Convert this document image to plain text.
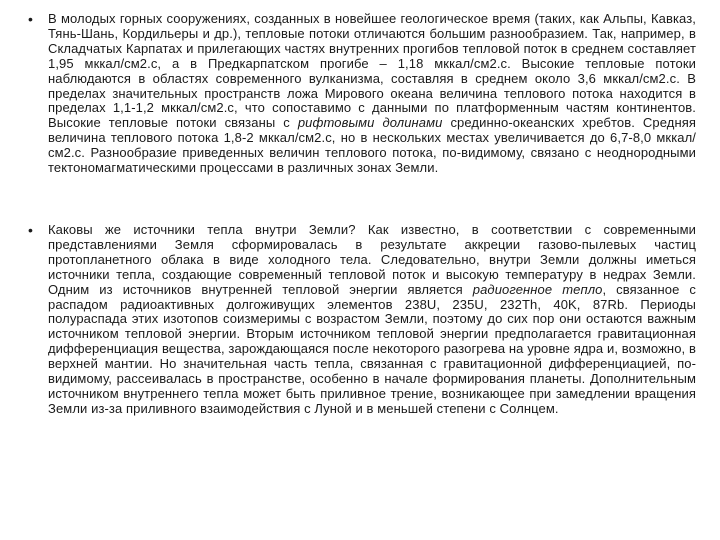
• В молодых горных сооружениях, созданных в новейшее геологическое время (таких, как Альпы, Кавказ, Тянь-Шань, Кордильеры и др.), тепловые потоки отличаются большим разнообразием. Так, например, в Складчатых Карпатах и прилегающих частях внутренних прогибов тепловой поток в среднем составляет 1,95 мккал/см2.с, а в Предкарпатском прогибе – 1,18 мккал/см2.с. Высокие тепловые потоки наблюдаются в областях современного вулканизма, составляя в среднем около 3,6 мккал/см2.с. В пределах значительных пространств ложа Мирового океана величина теплового потока находится в пределах 1,1-1,2 мккал/см2.с, что сопоставимо с данными по платформенным частям континентов. Высокие тепловые потоки связаны с рифтовыми долинами срединно-океанских хребтов. Средняя величина теплового потока 1,8-2 мккал/см2.с, но в нескольких местах увеличивается до 6,7-8,0 мккал/см2.с. Разнообразие приведенных величин теплового потока, по-видимому, связано с неоднородными тектономагматическими процессами в различных зонах Земли.
• Каковы же источники тепла внутри Земли? Как известно, в соответствии с современными представлениями Земля сформировалась в результате аккреции газово-пылевых частиц протопланетного облака в виде холодного тела. Следовательно, внутри Земли должны иметься источники тепла, создающие современный тепловой поток и высокую температуру в недрах Земли. Одним из источников внутренней тепловой энергии является радиогенное тепло, связанное с распадом радиоактивных долгоживущих элементов 238U, 235U, 232Th, 40K, 87Rb. Периоды полураспада этих изотопов соизмеримы с возрастом Земли, поэтому до сих пор они остаются важным источником тепловой энергии. Вторым источником тепловой энергии предполагается гравитационная дифференциация вещества, зарождающаяся после некоторого разогрева на уровне ядра и, возможно, в верхней мантии. Но значительная часть тепла, связанная с гравитационной дифференциацией, по-видимому, рассеивалась в пространстве, особенно в начале формирования планеты. Дополнительным источником внутреннего тепла может быть приливное трение, возникающее при замедлении вращения Земли из-за приливного взаимодействия с Луной и в меньшей степени с Солнцем.
